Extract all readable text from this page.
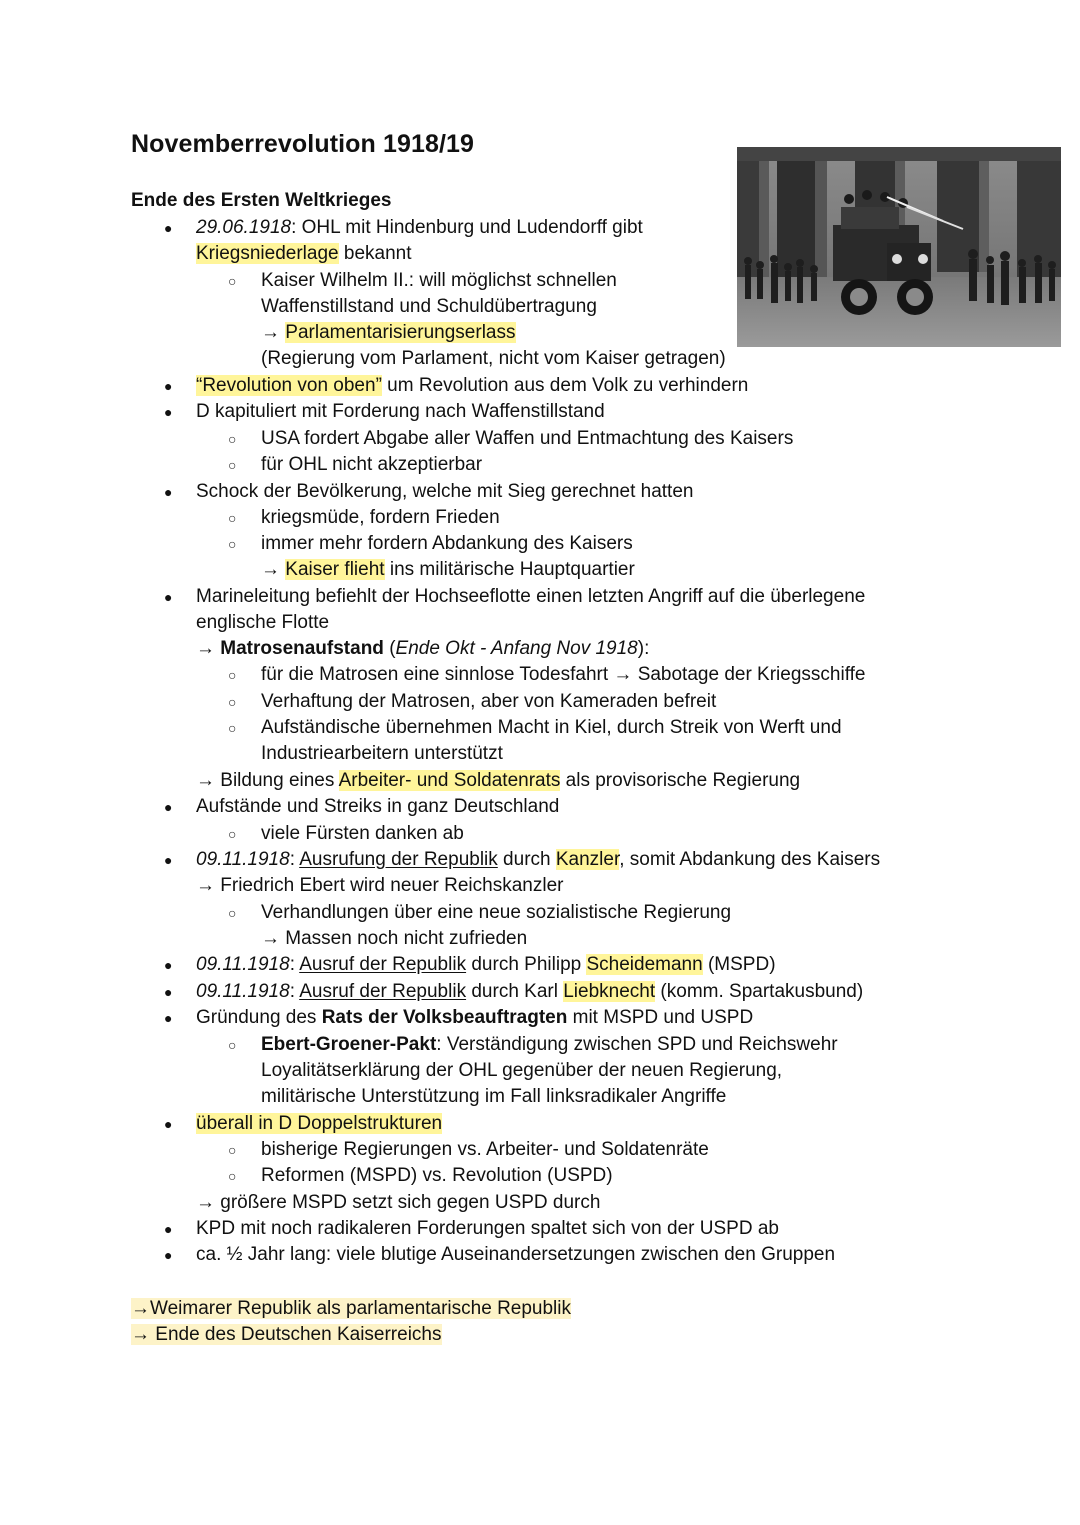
Novemberrevolution 1918/19
Ende des Ersten Weltkrieges
● 29.06.1918: OHL mit Hindenburg und Ludendorff gibt
Kriegsniederlage bekannt
○ Kaiser Wilhelm II.: will möglichst schnellen
Waffenstillstand und Schuldübertragung
→ Parlamentarisierungserlass
(Regierung vom Parlament, nicht vom Kaiser getragen)
● “Revolution von oben” um Revolution aus dem Volk zu verhindern
● D kapituliert mit Forderung nach Waffenstillstand
○ USA fordert Abgabe aller Waffen und Entmachtung des Kaisers
○ für OHL nicht akzeptierbar
● Schock der Bevölkerung, welche mit Sieg gerechnet hatten
○ kriegsmüde, fordern Frieden
○ immer mehr fordern Abdankung des Kaisers
→ Kaiser flieht ins militärische Hauptquartier
● Marineleitung befiehlt der Hochseeflotte einen letzten Angriff auf die überlegene
englische Flotte
→ Matrosenaufstand (Ende Okt - Anfang Nov 1918):
○ für die Matrosen eine sinnlose Todesfahrt → Sabotage der Kriegsschiffe
○ Verhaftung der Matrosen, aber von Kameraden befreit
○ Aufständische übernehmen Macht in Kiel, durch Streik von Werft und
Industriearbeitern unterstützt
→ Bildung eines Arbeiter- und Soldatenrats als provisorische Regierung
● Aufstände und Streiks in ganz Deutschland
○ viele Fürsten danken ab
● 09.11.1918: Ausrufung der Republik durch Kanzler, somit Abdankung des Kaisers
→ Friedrich Ebert wird neuer Reichskanzler
○ Verhandlungen über eine neue sozialistische Regierung
→ Massen noch nicht zufrieden
● 09.11.1918: Ausruf der Republik durch Philipp Scheidemann (MSPD)
● 09.11.1918: Ausruf der Republik durch Karl Liebknecht (komm. Spartakusbund)
● Gründung des Rats der Volksbeauftragten mit MSPD und USPD
○ Ebert-Groener-Pakt: Verständigung zwischen SPD und Reichswehr
Loyalitätserklärung der OHL gegenüber der neuen Regierung,
militärische Unterstützung im Fall linksradikaler Angriffe
● überall in D Doppelstrukturen
○ bisherige Regierungen vs. Arbeiter- und Soldatenräte
○ Reformen (MSPD) vs. Revolution (USPD)
→ größere MSPD setzt sich gegen USPD durch
● KPD mit noch radikaleren Forderungen spaltet sich von der USPD ab
● ca. ½ Jahr lang: viele blutige Auseinandersetzungen zwischen den Gruppen
→Weimarer Republik als parlamentarische Republik
→ Ende des Deutschen Kaiserreichs
